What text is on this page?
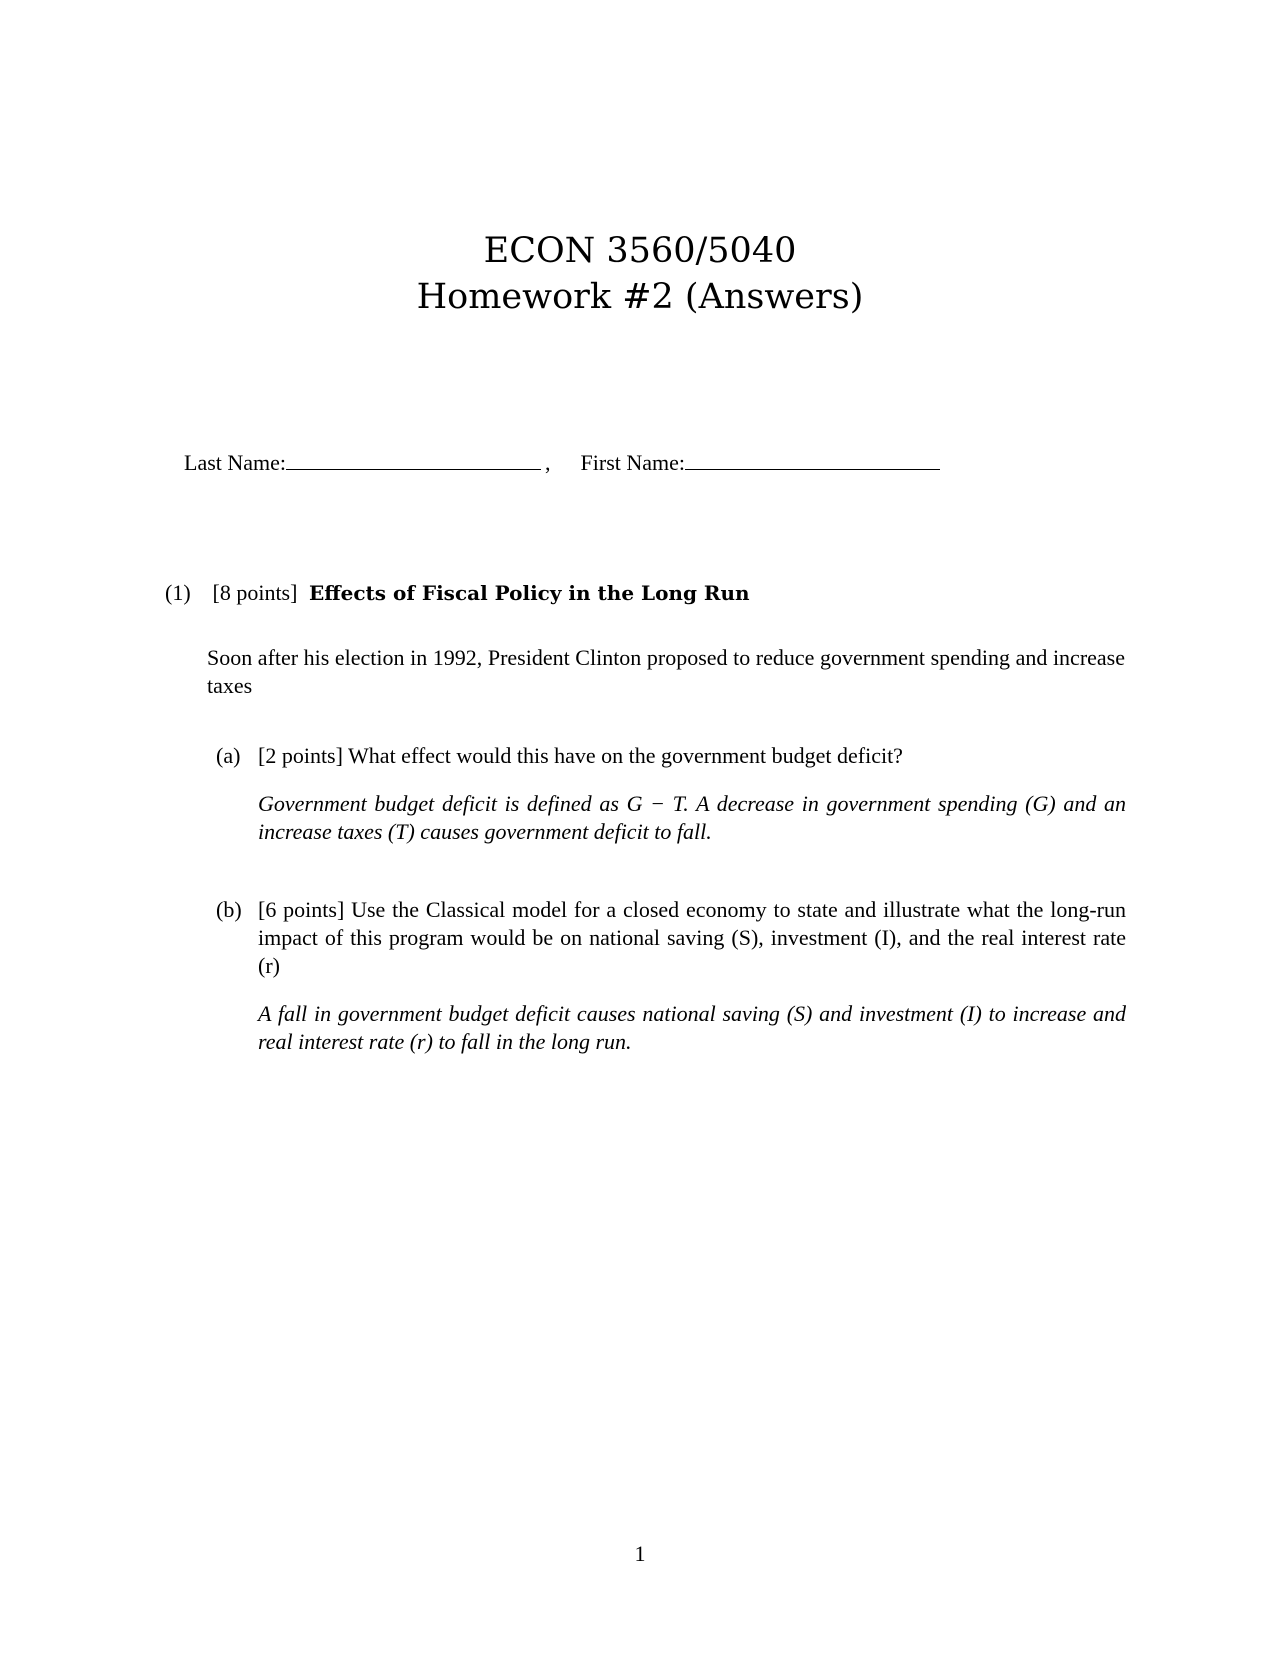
ECON 3560/5040
Homework #2 (Answers)
Last Name:	, First Name:
(1) [8 points] Effects of Fiscal Policy in the Long Run
Soon after his election in 1992, President Clinton proposed to reduce government spending and increase taxes
(a) [2 points] What effect would this have on the government budget deficit?
Government budget deficit is defined as G − T. A decrease in government spending (G) and an increase taxes (T) causes government deficit to fall.
(b) [6 points] Use the Classical model for a closed economy to state and illustrate what the long-run impact of this program would be on national saving (S), investment (I), and the real interest rate (r)
A fall in government budget deficit causes national saving (S) and investment (I) to increase and real interest rate (r) to fall in the long run.
1
